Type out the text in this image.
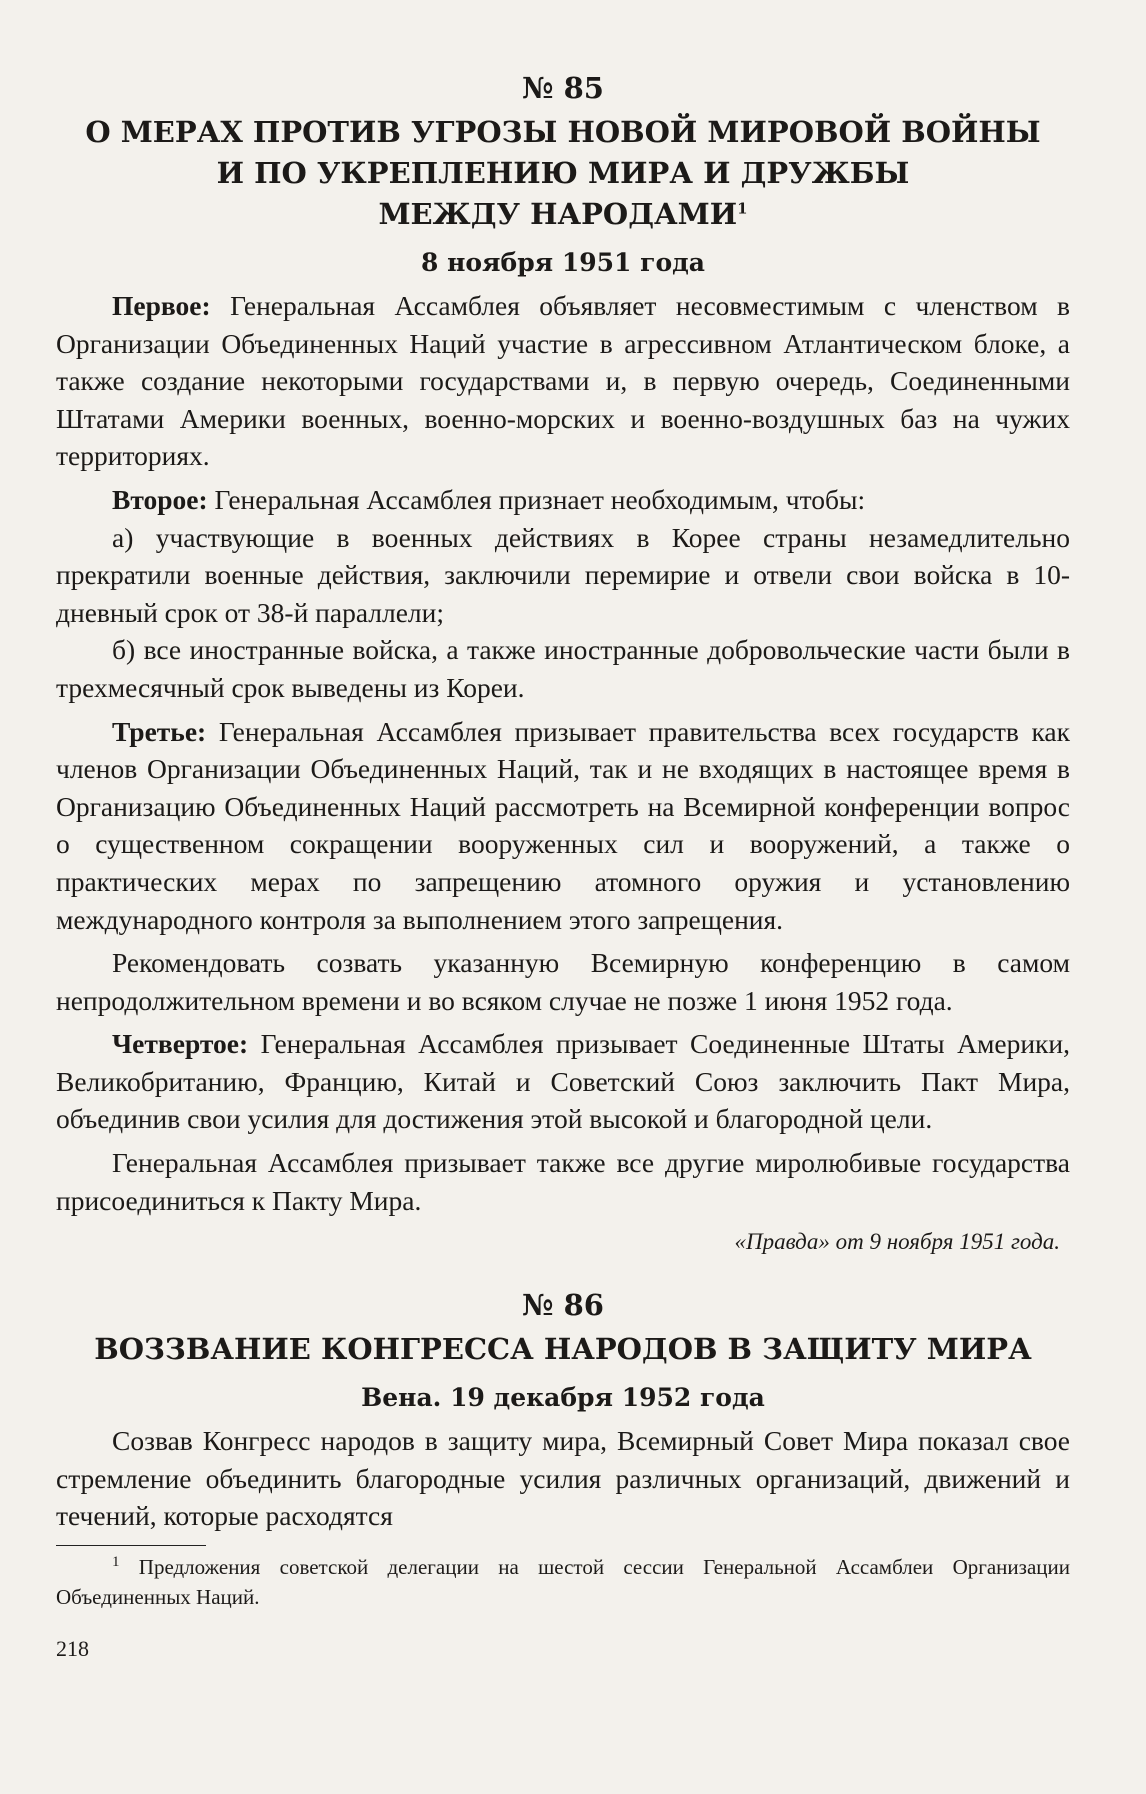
№ 85
О МЕРАХ ПРОТИВ УГРОЗЫ НОВОЙ МИРОВОЙ ВОЙНЫ
И ПО УКРЕПЛЕНИЮ МИРА И ДРУЖБЫ
МЕЖДУ НАРОДАМИ$^1$
8 ноября 1951 года

Первое: Генеральная Ассамблея объявляет несовместимым с членством в Организации Объединенных Наций участие в агрессивном Атлантическом блоке, а также создание некоторыми государствами и, в первую очередь, Соединенными Штатами Америки военных, военно-морских и военно-воздушных баз на чужих территориях.

Второе: Генеральная Ассамблея признает необходимым, чтобы:

а) участвующие в военных действиях в Корее страны незамедлительно прекратили военные действия, заключили перемирие и отвели свои войска в 10-дневный срок от 38-й параллели;

б) все иностранные войска, а также иностранные добровольческие части были в трехмесячный срок выведены из Кореи.

Третье: Генеральная Ассамблея призывает правительства всех государств как членов Организации Объединенных Наций, так и не входящих в настоящее время в Организацию Объединенных Наций рассмотреть на Всемирной конференции вопрос о существенном сокращении вооруженных сил и вооружений, а также о практических мерах по запрещению атомного оружия и установлению международного контроля за выполнением этого запрещения.

Рекомендовать созвать указанную Всемирную конференцию в самом непродолжительном времени и во всяком случае не позже 1 июня 1952 года.

Четвертое: Генеральная Ассамблея призывает Соединенные Штаты Америки, Великобританию, Францию, Китай и Советский Союз заключить Пакт Мира, объединив свои усилия для достижения этой высокой и благородной цели.

Генеральная Ассамблея призывает также все другие миролюбивые государства присоединиться к Пакту Мира.

«Правда» от 9 ноября 1951 года.
№ 86
ВОЗЗВАНИЕ КОНГРЕССА НАРОДОВ В ЗАЩИТУ МИРА
Вена. 19 декабря 1952 года

Созвав Конгресс народов в защиту мира, Всемирный Совет Мира показал свое стремление объединить благородные усилия различных организаций, движений и течений, которые расходятся

$^1$ Предложения советской делегации на шестой сессии Генеральной Ассамблеи Организации Объединенных Наций.

218
